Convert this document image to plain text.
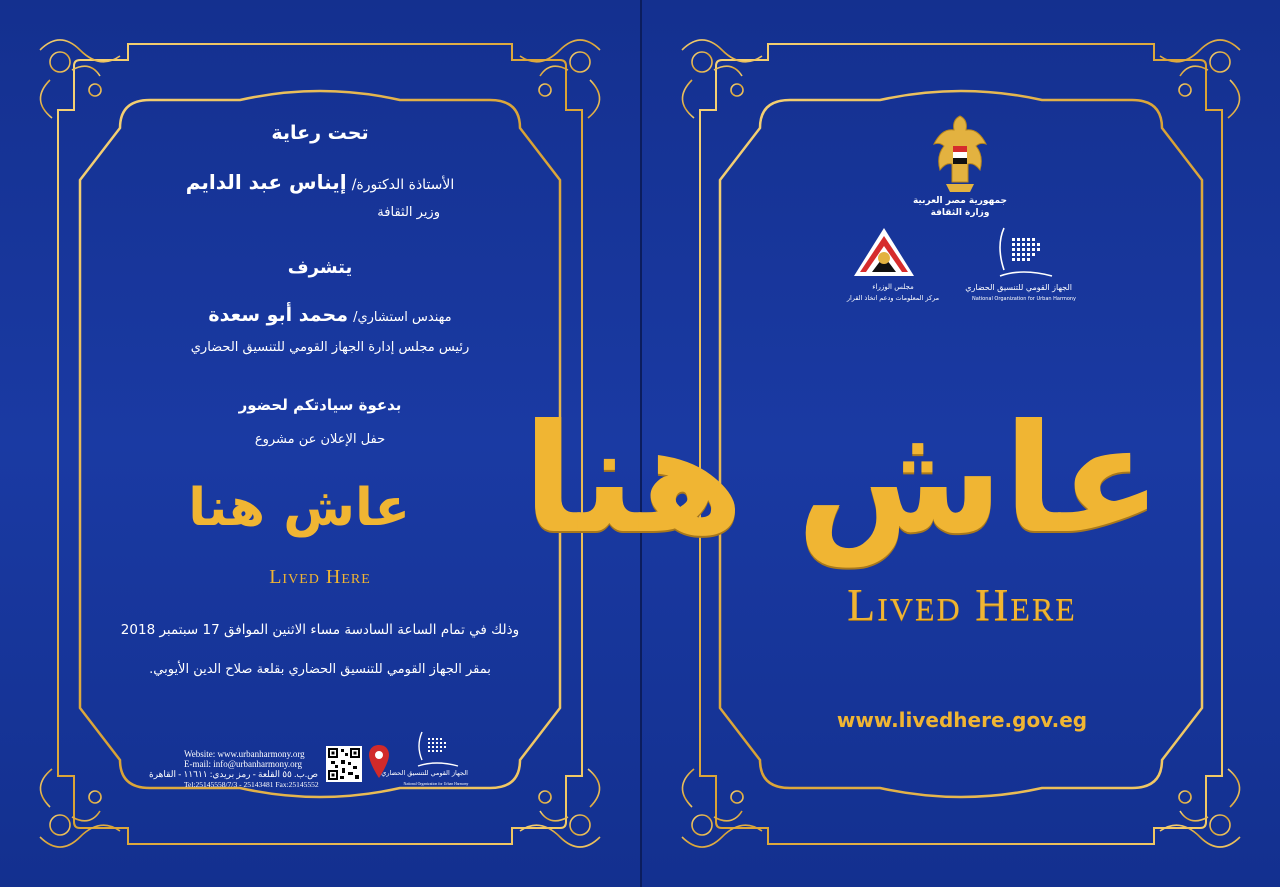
تحت رعاية
الأستاذة الدكتورة/ إيناس عبد الدايم
وزير الثقافة
يتشرف
مهندس استشاري/ محمد أبو سعدة
رئيس مجلس إدارة الجهاز القومي للتنسيق الحضاري
بدعوة سيادتكم لحضور
حفل الإعلان عن مشروع
عاش هنا
Lived Here
وذلك في تمام الساعة السادسة مساء الاثنين الموافق 17 سبتمبر 2018
بمقر الجهاز القومي للتنسيق الحضاري بقلعة صلاح الدين الأيوبي.
Website: www.urbanharmony.org
E-mail: info@urbanharmony.org
ص.ب. ٥٥ القلعة - رمز بريدي: ١١٦١١ - القاهرة
Tel:25145558/7/3 - 25143481 Fax:25145552
الجهاز القومي للتنسيق الحضاري
National Organization for Urban Harmony
جمهورية مصر العربية
وزارة الثقافة
مجلس الوزراء
مركز المعلومات ودعم اتخاذ القرار
الجهاز القومي للتنسيق الحضاري
National Organization for Urban Harmony
عاش هنا
Lived Here
www.livedhere.gov.eg
